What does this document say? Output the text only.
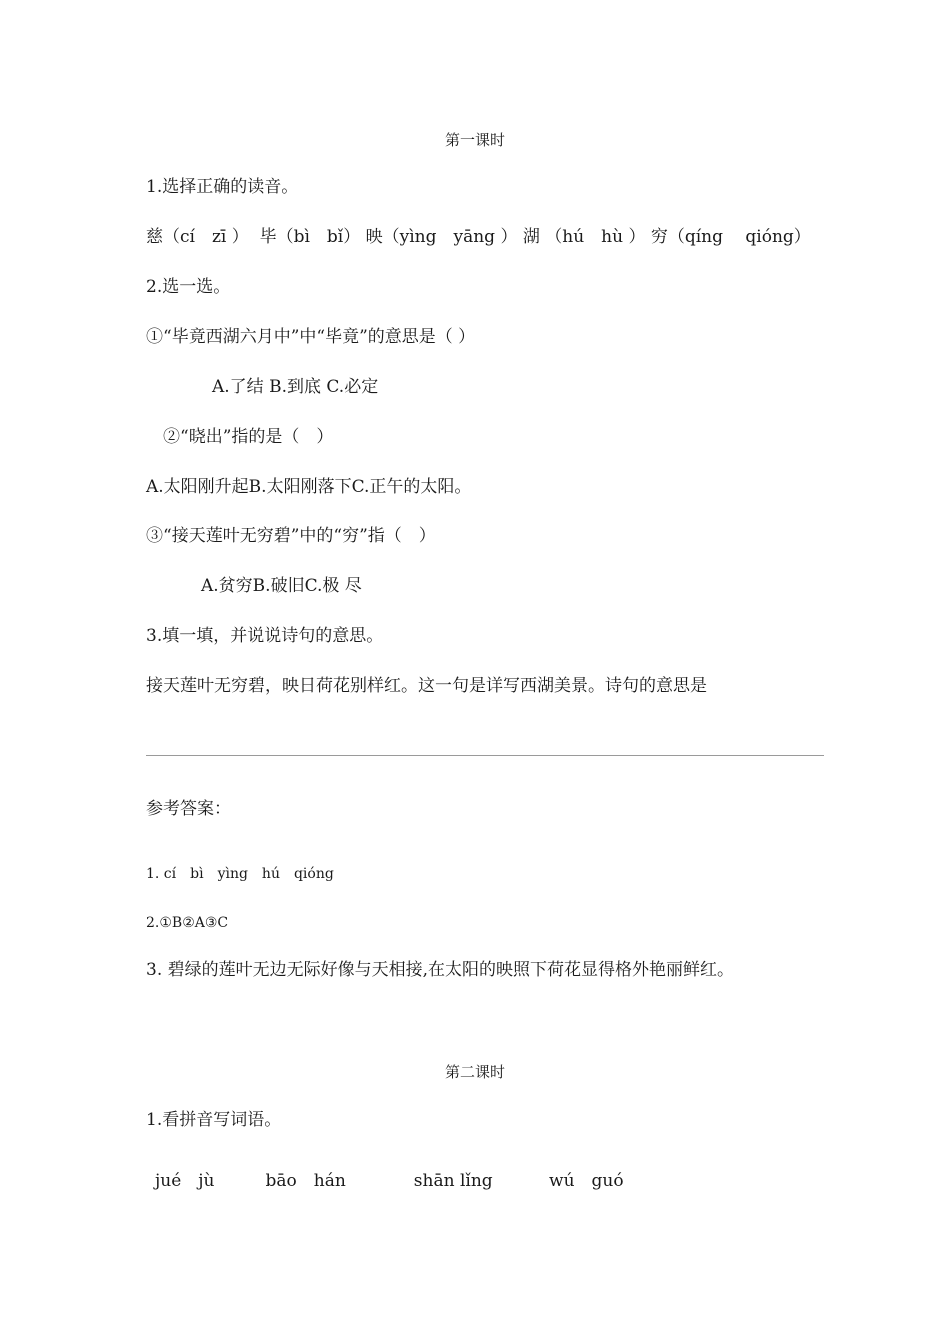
第一课时
1.选择正确的读音。
慈（cí　zī ）  毕（bì　bǐ） 映（yìng　yāng ） 湖 （hú　hù ） 穷（qíng　 qióng）
2.选一选。
①“毕竟西湖六月中”中“毕竟”的意思是（ ）
A.了结 B.到底 C.必定
②“晓出”指的是（　）
A.太阳刚升起B.太阳刚落下C.正午的太阳。
③“接天莲叶无穷碧”中的“穷”指（　）
A.贫穷B.破旧C.极 尽
3.填一填，并说说诗句的意思。
接天莲叶无穷碧，映日荷花别样红。这一句是详写西湖美景。诗句的意思是
参考答案：
1. cí　bì　yìng　hú　qióng
2.①B②A③C
3. 碧绿的莲叶无边无际好像与天相接,在太阳的映照下荷花显得格外艳丽鲜红。
第二课时
1.看拼音写词语。
jué　jù　　　bāo　hán　　　　shān lǐng　　　 wú　guó
